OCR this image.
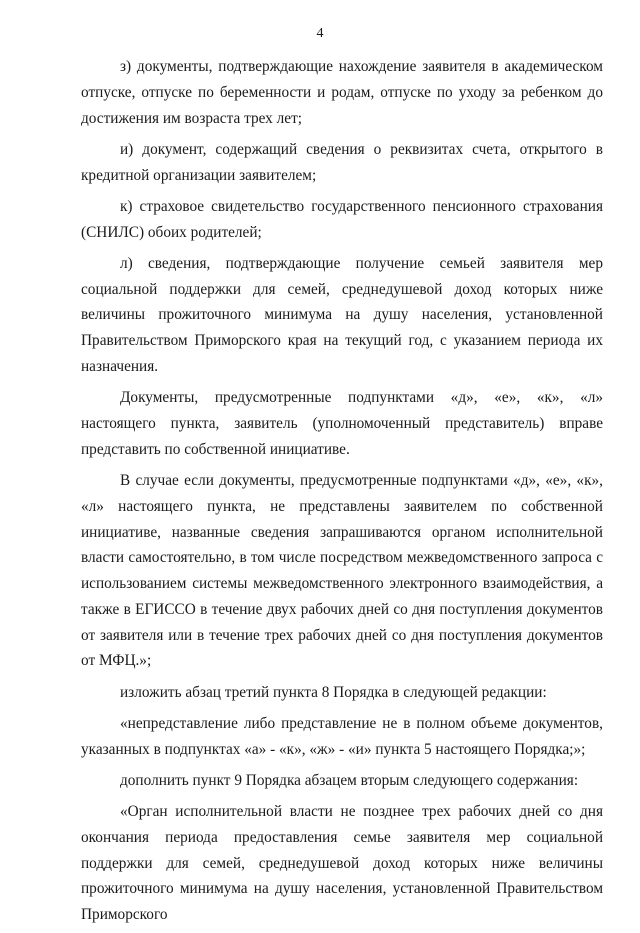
4

з) документы, подтверждающие нахождение заявителя в академическом отпуске, отпуске по беременности и родам, отпуске по уходу за ребенком до достижения им возраста трех лет;

и) документ, содержащий сведения о реквизитах счета, открытого в кредитной организации заявителем;

к) страховое свидетельство государственного пенсионного страхования (СНИЛС) обоих родителей;

л) сведения, подтверждающие получение семьей заявителя мер социальной поддержки для семей, среднедушевой доход которых ниже величины прожиточного минимума на душу населения, установленной Правительством Приморского края на текущий год, с указанием периода их назначения.

Документы, предусмотренные подпунктами «д», «е», «к», «л» настоящего пункта, заявитель (уполномоченный представитель) вправе представить по собственной инициативе.

В случае если документы, предусмотренные подпунктами «д», «е», «к», «л» настоящего пункта, не представлены заявителем по собственной инициативе, названные сведения запрашиваются органом исполнительной власти самостоятельно, в том числе посредством межведомственного запроса с использованием системы межведомственного электронного взаимодействия, а также в ЕГИССО в течение двух рабочих дней со дня поступления документов от заявителя или в течение трех рабочих дней со дня поступления документов от МФЦ.»;

изложить абзац третий пункта 8 Порядка в следующей редакции:

«непредставление либо представление не в полном объеме документов, указанных в подпунктах «а» - «к», «ж» - «и» пункта 5 настоящего Порядка;»;

дополнить пункт 9 Порядка абзацем вторым следующего содержания:

«Орган исполнительной власти не позднее трех рабочих дней со дня окончания периода предоставления семье заявителя мер социальной поддержки для семей, среднедушевой доход которых ниже величины прожиточного минимума на душу населения, установленной Правительством Приморского
